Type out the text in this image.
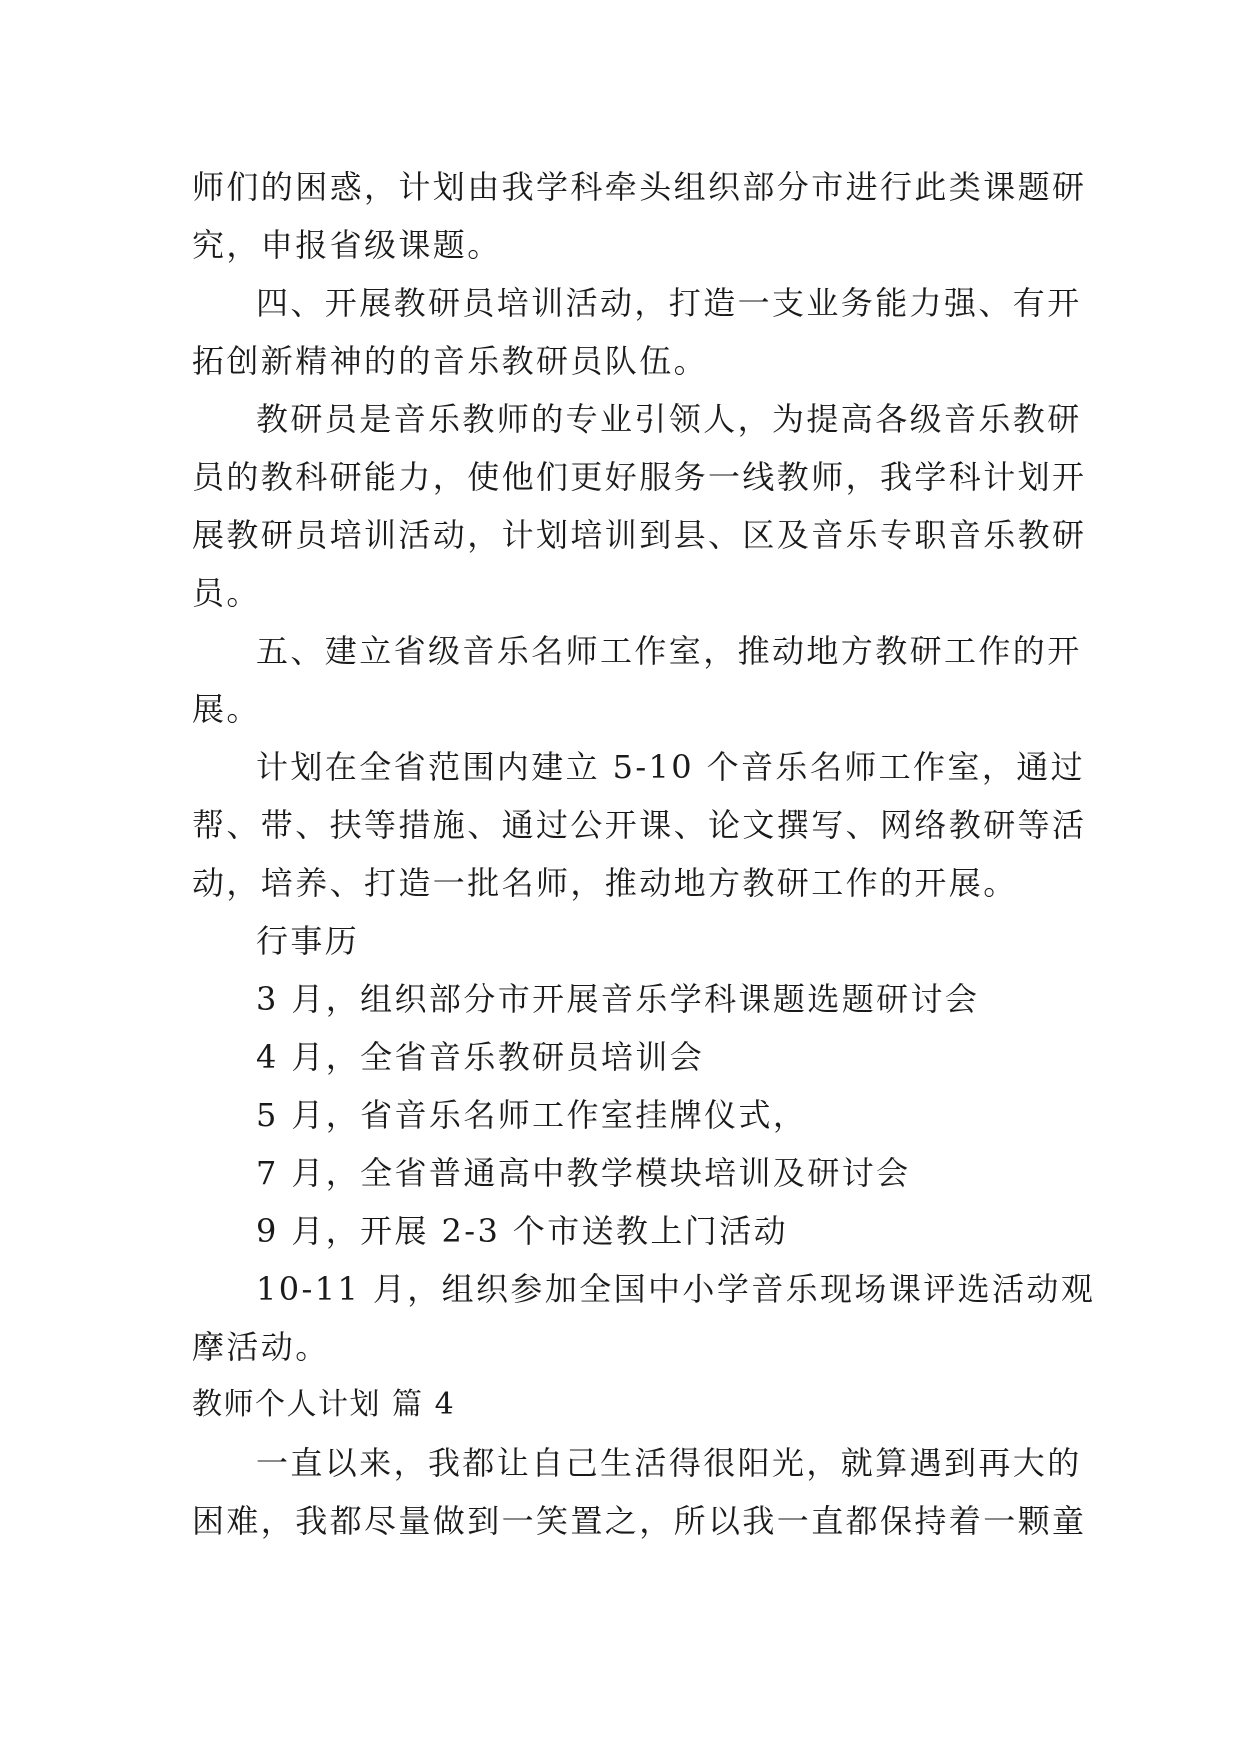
师们的困惑，计划由我学科牵头组织部分市进行此类课题研
究，申报省级课题。
四、开展教研员培训活动，打造一支业务能力强、有开
拓创新精神的的音乐教研员队伍。
教研员是音乐教师的专业引领人，为提高各级音乐教研
员的教科研能力，使他们更好服务一线教师，我学科计划开
展教研员培训活动，计划培训到县、区及音乐专职音乐教研
员。
五、建立省级音乐名师工作室，推动地方教研工作的开
展。
计划在全省范围内建立 5-10 个音乐名师工作室，通过
帮、带、扶等措施、通过公开课、论文撰写、网络教研等活
动，培养、打造一批名师，推动地方教研工作的开展。
行事历
3 月，组织部分市开展音乐学科课题选题研讨会
4 月，全省音乐教研员培训会
5 月，省音乐名师工作室挂牌仪式，
7 月，全省普通高中教学模块培训及研讨会
9 月，开展 2-3 个市送教上门活动
10-11 月，组织参加全国中小学音乐现场课评选活动观
摩活动。
教师个人计划 篇 4
一直以来，我都让自己生活得很阳光，就算遇到再大的
困难，我都尽量做到一笑置之，所以我一直都保持着一颗童
